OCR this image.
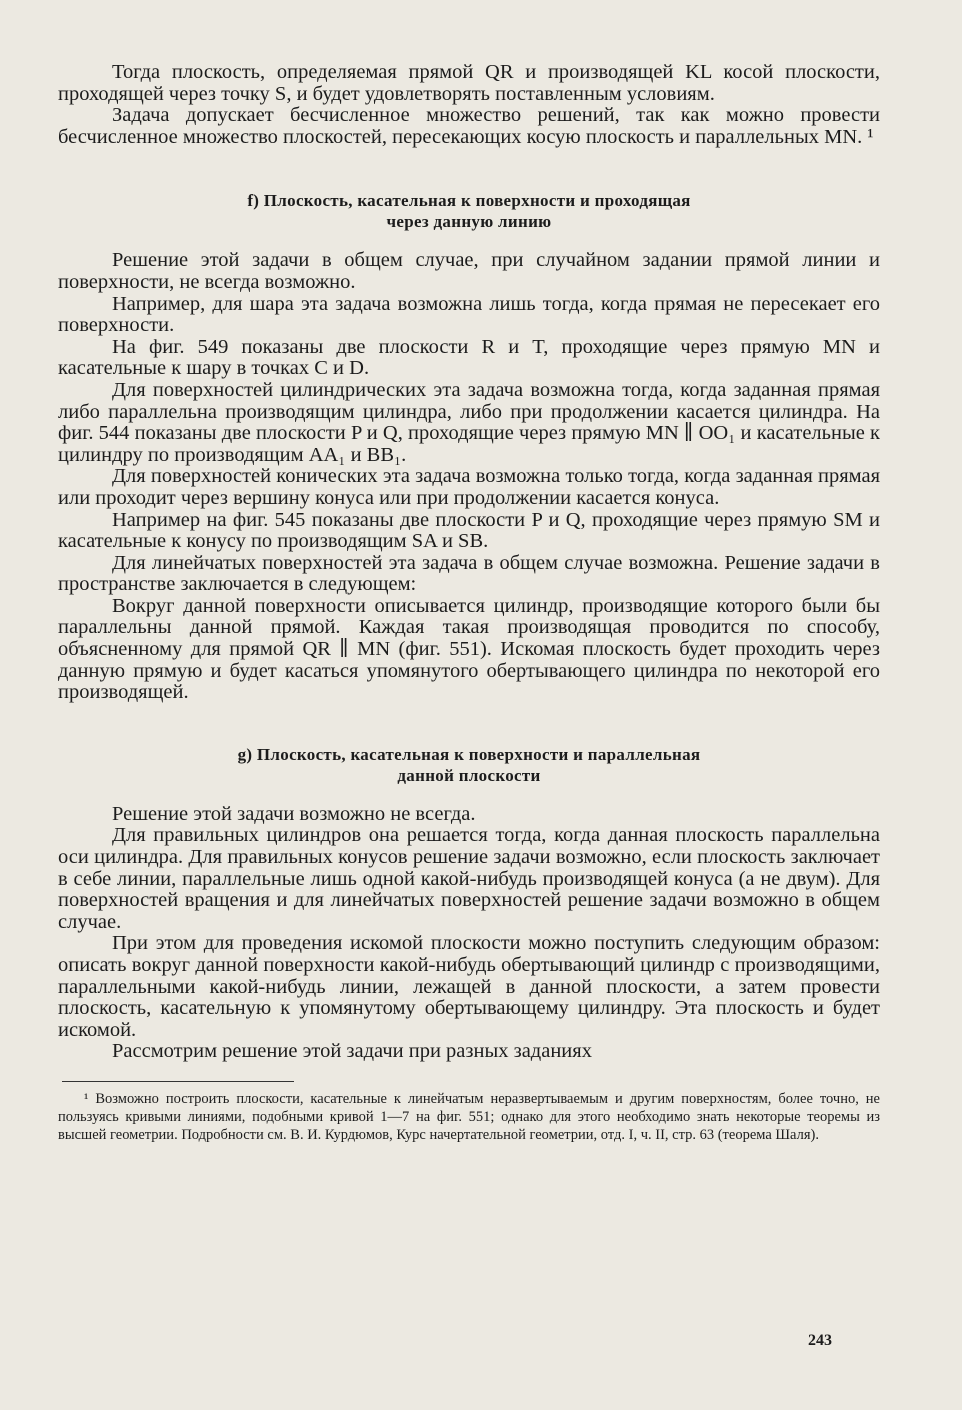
Тогда плоскость, определяемая прямой QR и производящей KL косой плоскости, проходящей через точку S, и будет удовлетворять поставленным условиям.

Задача допускает бесчисленное множество решений, так как можно провести бесчисленное множество плоскостей, пересекающих косую плоскость и параллельных MN. ¹

f) Плоскость, касательная к поверхности и проходящая
через данную линию

Решение этой задачи в общем случае, при случайном задании прямой линии и поверхности, не всегда возможно.

Например, для шара эта задача возможна лишь тогда, когда прямая не пересекает его поверхности.

На фиг. 549 показаны две плоскости R и T, проходящие через прямую MN и касательные к шару в точках C и D.

Для поверхностей цилиндрических эта задача возможна тогда, когда заданная прямая либо параллельна производящим цилиндра, либо при продолжении касается цилиндра. На фиг. 544 показаны две плоскости P и Q, проходящие через прямую MN ∥ OO₁ и касательные к цилиндру по производящим AA₁ и BB₁.

Для поверхностей конических эта задача возможна только тогда, когда заданная прямая или проходит через вершину конуса или при продолжении касается конуса.

Например на фиг. 545 показаны две плоскости P и Q, проходящие через прямую SM и касательные к конусу по производящим SA и SB.

Для линейчатых поверхностей эта задача в общем случае возможна. Решение задачи в пространстве заключается в следующем:

Вокруг данной поверхности описывается цилиндр, производящие которого были бы параллельны данной прямой. Каждая такая производящая проводится по способу, объясненному для прямой QR ∥ MN (фиг. 551). Искомая плоскость будет проходить через данную прямую и будет касаться упомянутого обертывающего цилиндра по некоторой его производящей.

g) Плоскость, касательная к поверхности и параллельная
данной плоскости

Решение этой задачи возможно не всегда.

Для правильных цилиндров она решается тогда, когда данная плоскость параллельна оси цилиндра. Для правильных конусов решение задачи возможно, если плоскость заключает в себе линии, параллельные лишь одной какой-нибудь производящей конуса (а не двум). Для поверхностей вращения и для линейчатых поверхностей решение задачи возможно в общем случае.

При этом для проведения искомой плоскости можно поступить следующим образом: описать вокруг данной поверхности какой-нибудь обертывающий цилиндр с производящими, параллельными какой-нибудь линии, лежащей в данной плоскости, а затем провести плоскость, касательную к упомянутому обертывающему цилиндру. Эта плоскость и будет искомой.

Рассмотрим решение этой задачи при разных заданиях

¹ Возможно построить плоскости, касательные к линейчатым неразвертываемым и другим поверхностям, более точно, не пользуясь кривыми линиями, подобными кривой 1—7 на фиг. 551; однако для этого необходимо знать некоторые теоремы из высшей геометрии. Подробности см. В. И. Курдюмов, Курс начертательной геометрии, отд. I, ч. II, стр. 63 (теорема Шаля).

243
